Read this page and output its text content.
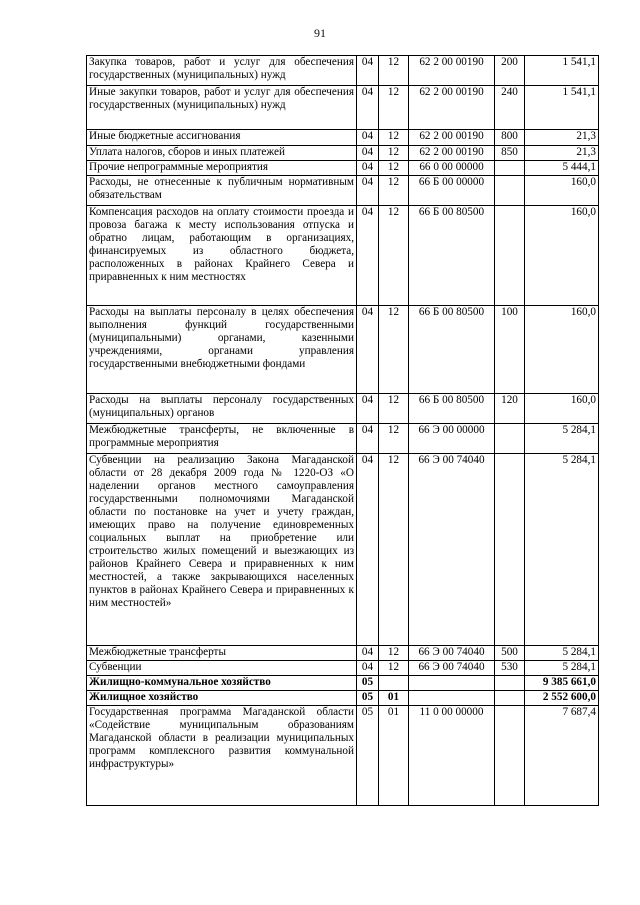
91
Закупка товаров, работ и услуг для обеспечения государственных (муниципальных) нужд	04	12	62 2 00 00190	200	1 541,1
Иные закупки товаров, работ и услуг для обеспечения государственных (муниципальных) нужд	04	12	62 2 00 00190	240	1 541,1
Иные бюджетные ассигнования	04	12	62 2 00 00190	800	21,3
Уплата налогов, сборов и иных платежей	04	12	62 2 00 00190	850	21,3
Прочие непрограммные мероприятия	04	12	66 0 00 00000		5 444,1
Расходы, не отнесенные к публичным нормативным обязательствам	04	12	66 Б 00 00000		160,0
Компенсация расходов на оплату стоимости проезда и провоза багажа к месту использования отпуска и обратно лицам, работающим в организациях, финансируемых из областного бюджета, расположенных в районах Крайнего Севера и приравненных к ним местностях	04	12	66 Б 00 80500		160,0
Расходы на выплаты персоналу в целях обеспечения выполнения функций государственными (муниципальными) органами, казенными учреждениями, органами управления государственными внебюджетными фондами	04	12	66 Б 00 80500	100	160,0
Расходы на выплаты персоналу государственных (муниципальных) органов	04	12	66 Б 00 80500	120	160,0
Межбюджетные трансферты, не включенные в программные мероприятия	04	12	66 Э 00 00000		5 284,1
Субвенции на реализацию Закона Магаданской области от 28 декабря 2009 года № 1220-ОЗ «О наделении органов местного самоуправления государственными полномочиями Магаданской области по постановке на учет и учету граждан, имеющих право на получение единовременных социальных выплат на приобретение или строительство жилых помещений и выезжающих из районов Крайнего Севера и приравненных к ним местностей, а также закрывающихся населенных пунктов в районах Крайнего Севера и приравненных к ним местностей»	04	12	66 Э 00 74040		5 284,1
Межбюджетные трансферты	04	12	66 Э 00 74040	500	5 284,1
Субвенции	04	12	66 Э 00 74040	530	5 284,1
Жилищно-коммунальное хозяйство	05				9 385 661,0
Жилищное хозяйство	05	01			2 552 600,0
Государственная программа Магаданской области «Содействие муниципальным образованиям Магаданской области в реализации муниципальных программ комплексного развития коммунальной инфраструктуры»	05	01	11 0 00 00000		7 687,4
